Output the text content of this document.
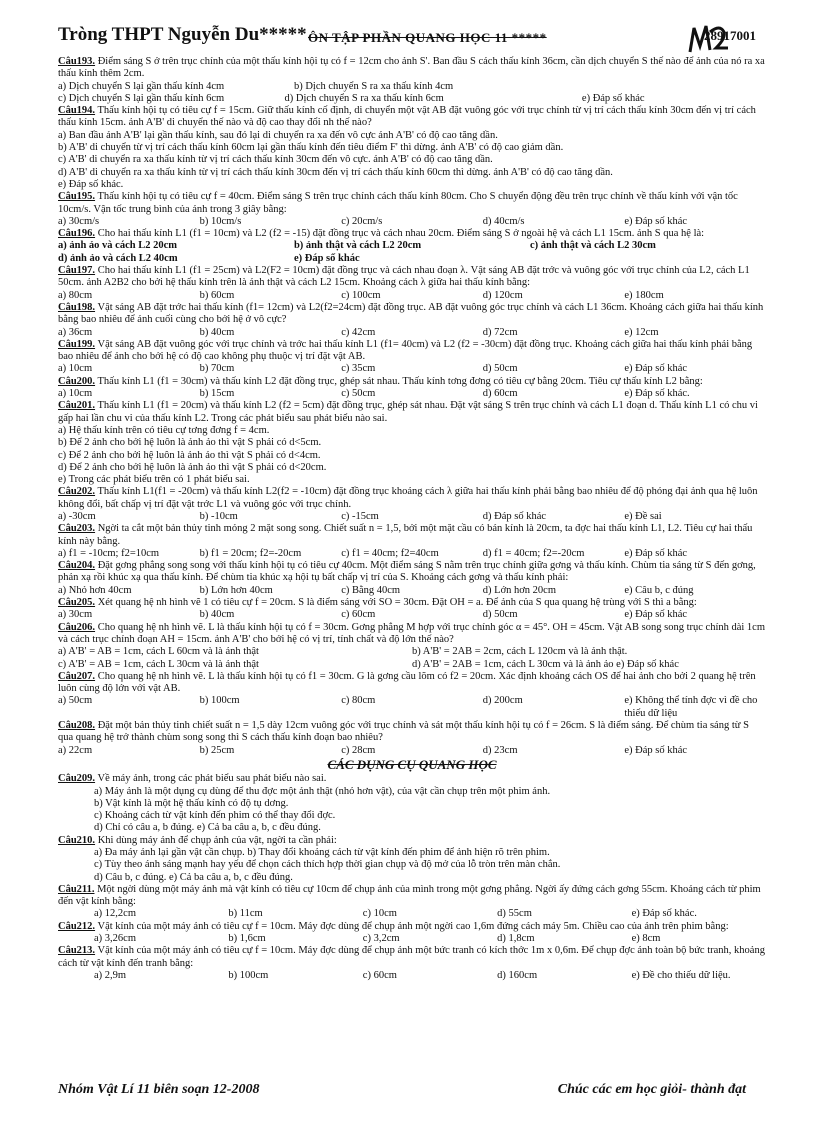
Tròng THPT Nguyễn Du***** ÔN TẬP PHẦN QUANG HỌC 11 *****	28917001

Câu193. Điểm sáng S ở trên trục chính của một thấu kính hội tụ có f = 12cm cho ảnh S'. Ban đầu S cách thấu kính 36cm, cần dịch chuyển S thế nào để ảnh của nó ra xa thấu kính thêm 2cm.

a) Dịch chuyển S lại gần thấu kính 4cm	b) Dịch chuyển S ra xa thấu kính 4cm
c) Dịch chuyển S lại gần thấu kính 6cm	d) Dịch chuyển S ra xa thấu kính 6cm	e) Đáp số khác

Câu194. Thấu kính hội tụ có tiêu cự f = 15cm. Giữ thấu kính cố định, di chuyển một vật AB đặt vuông góc với trục chính từ vị trí cách thấu kính 30cm đến vị trí cách thấu kính 15cm. ảnh A'B' di chuyển thế nào và độ cao thay đổi nh thế nào?

a) Ban đầu ảnh A'B' lại gần thấu kính, sau đó lại di chuyển ra xa đến vô cực ảnh A'B' có độ cao tăng dần.

b) A'B' di chuyển từ vị trí cách thấu kính 60cm lại gần thấu kính đến tiêu điểm F' thì dừng. ảnh A'B' có độ cao giảm dần.

c) A'B' di chuyển ra xa thấu kính từ vị trí cách thấu kính 30cm đến vô cực. ảnh A'B' có độ cao tăng dần.

d) A'B' di chuyển ra xa thấu kính từ vị trí cách thấu kính 30cm đến vị trí cách thấu kính 60cm thì dừng. ảnh A'B' có độ cao tăng dần.

e) Đáp số khác.

Câu195. Thấu kính hội tụ có tiêu cự f = 40cm. Điểm sáng S trên trục chính cách thấu kính 80cm. Cho S chuyển động đều trên trục chính về thấu kính với vận tốc 10cm/s. Vận tốc trung bình của ảnh trong 3 giây bằng:

a) 30cm/s	b) 10cm/s	c) 20cm/s	d) 40cm/s	e) Đáp số khác

Câu196. Cho hai thấu kính L1 (f1 = 10cm) và L2 (f2 = -15) đặt đồng trục và cách nhau 20cm. Điểm sáng S ở ngoài hệ và cách L1 15cm. ảnh S qua hệ là:

a) ảnh ảo và cách L2 20cm	b) ảnh thật và cách L2 20cm	c) ảnh thật và cách L2 30cm
d) ảnh ảo và cách L2 40cm	e) Đáp số khác

Câu197. Cho hai thấu kính L1 (f1 = 25cm) và L2(F2 = 10cm) đặt đồng trục và cách nhau đoạn λ. Vật sáng AB đặt trớc và vuông góc với trục chính của L2, cách L1 50cm. ảnh A2B2 cho bởi hệ thấu kính trên là ảnh thật và cách L2 15cm. Khoảng cách λ giữa hai thấu kính bằng:

a) 80cm	b) 60cm	c) 100cm	d) 120cm	e) 180cm

Câu198. Vật sáng AB đặt trớc hai thấu kính (f1= 12cm) và L2(f2=24cm) đặt đồng trục. AB đặt vuông góc trục chính và cách L1 36cm. Khoảng cách giữa hai thấu kính bằng bao nhiêu để ảnh cuối cùng cho bởi hệ ở vô cực?

a) 36cm	b) 40cm	c) 42cm	d) 72cm	e) 12cm

Câu199. Vật sáng AB đặt vuông góc với trục chính và trớc hai thấu kính L1 (f1= 40cm) và L2 (f2 = -30cm) đặt đồng trục. Khoảng cách giữa hai thấu kính phải bằng bao nhiêu để ảnh cho bởi hệ có độ cao không phụ thuộc vị trí đặt vật AB.

a) 10cm	b) 70cm	c) 35cm	d) 50cm	e) Đáp số khác

Câu200. Thấu kính L1 (f1 = 30cm) và thấu kính L2 đặt đồng trục, ghép sát nhau. Thấu kính tơng đơng có tiêu cự bằng 20cm. Tiêu cự thấu kính L2 bằng:

a) 10cm	b) 15cm	c) 50cm	d) 60cm	e) Đáp số khác.

Câu201. Thấu kính L1 (f1 = 20cm) và thấu kính L2 (f2 = 5cm) đặt đồng trục, ghép sát nhau. Đặt vật sáng S trên trục chính và cách L1 đoạn d. Thấu kính L1 có chu vi gấp hai lần chu vi của thấu kính L2. Trong các phát biểu sau phát biểu nào sai.

a) Hệ thấu kính trên có tiêu cự tơng đơng f = 4cm.

b) Để 2 ảnh cho bởi hệ luôn là ảnh ảo thì vật S phải có d<5cm.

c) Để 2 ảnh cho bởi hệ luôn là ảnh ảo thì vật S phải có d<4cm.

d) Để 2 ảnh cho bởi hệ luôn là ảnh ảo thì vật S phải có d<20cm.

e) Trong các phát biểu trên có 1 phát biểu sai.

Câu202. Thấu kính L1(f1 = -20cm) và thấu kính L2(f2 = -10cm) đặt đồng trục khoảng cách λ giữa hai thấu kính phải bằng bao nhiêu để độ phóng đại ảnh qua hệ luôn không đổi, bất chấp vị trí đặt vật trớc L1 và vuông góc với trục chính.

a) -30cm	b) -10cm	c) -15cm	d) Đáp số khác	e) Đề sai

Câu203. Ngời ta cắt một bản thủy tinh mỏng 2 mặt song song. Chiết suất n = 1,5, bởi một mặt cầu có bán kính là 20cm, ta đợc hai thấu kính L1, L2. Tiêu cự hai thấu kính này bằng.

a) f1 = -10cm; f2=10cm	b) f1 = 20cm; f2=-20cm	c) f1 = 40cm; f2=40cm	d) f1 = 40cm; f2=-20cm	e) Đáp số khác

Câu204. Đặt gơng phẳng song song với thấu kính hội tụ có tiêu cự 40cm. Một điểm sáng S nằm trên trục chính giữa gơng và thấu kính. Chùm tia sáng từ S đến gơng, phản xạ rồi khúc xạ qua thấu kính. Để chùm tia khúc xạ hội tụ bất chấp vị trí của S. Khoảng cách gơng và thấu kính phải:

a) Nhỏ hơn 40cm	b) Lớn hơn 40cm	c) Bằng 40cm	d) Lớn hơn 20cm	e) Câu b, c đúng

Câu205. Xét quang hệ nh hình vẽ 1 có tiêu cự f = 20cm. S là điểm sáng với SO = 30cm. Đặt OH = a. Để ảnh của S qua quang hệ trùng với S thì a bằng:

a) 30cm	b) 40cm	c) 60cm	d) 50cm	e) Đáp số khác

Câu206. Cho quang hệ nh hình vẽ. L là thấu kính hội tụ có f = 30cm. Gơng phẳng M hợp với trục chính góc α = 45°. OH = 45cm. Vật AB song song trục chính dài 1cm và cách trục chính đoạn AH = 15cm. ảnh A'B' cho bởi hệ có vị trí, tính chất và độ lớn thế nào?

a) A'B' = AB = 1cm, cách L 60cm và là ảnh thật	b) A'B' = 2AB = 2cm, cách L 120cm và là ảnh thật.
c) A'B' = AB = 1cm, cách L 30cm và là ảnh thật	d) A'B' = 2AB = 1cm, cách L 30cm và là ảnh ảo e) Đáp số khác

Câu207. Cho quang hệ nh hình vẽ. L là thấu kính hội tụ có f1 = 30cm. G là gơng cầu lõm có f2 = 20cm. Xác định khoảng cách OS để hai ảnh cho bởi 2 quang hệ trên luôn cùng độ lớn với vật AB.

a) 50cm	b) 100cm	c) 80cm	d) 200cm	e) Không thể tính đợc vì đề cho thiếu dữ liệu

Câu208. Đặt một bản thủy tinh chiết suất n = 1,5 dày 12cm vuông góc với trục chính và sát một thấu kính hội tụ có f = 26cm. S là điểm sáng. Để chùm tia sáng từ S qua quang hệ trở thành chùm song song thì S cách thấu kính đoạn bao nhiêu?

a) 22cm	b) 25cm	c) 28cm	d) 23cm	e) Đáp số khác
CÁC DỤNG CỤ QUANG HỌC

Câu209. Về máy ảnh, trong các phát biểu sau phát biểu nào sai.

a) Máy ảnh là một dụng cụ dùng để thu đợc một ảnh thật (nhỏ hơn vật), của vật cần chụp trên một phim ảnh.

b) Vật kính là một hệ thấu kính có độ tụ dơng.

c) Khoảng cách từ vật kính đến phim có thể thay đổi đợc.

d) Chỉ có câu a, b đúng. e) Cả ba câu a, b, c đều đúng.

Câu210. Khi dùng máy ảnh để chụp ảnh của vật, ngời ta cần phải:

a) Đa máy ảnh lại gần vật cần chụp. b) Thay đổi khoảng cách từ vật kính đến phim để ảnh hiện rõ trên phim.

c) Tùy theo ánh sáng mạnh hay yếu để chọn cách thích hợp thời gian chụp và độ mở của lỗ tròn trên màn chắn.

d) Câu b, c đúng. e) Cả ba câu a, b, c đều đúng.

Câu211. Một ngời dùng một máy ảnh mà vật kính có tiêu cự 10cm để chụp ảnh của mình trong một gơng phẳng. Ngời ấy đứng cách gơng 55cm. Khoảng cách từ phim đến vật kính bằng:

a) 12,2cm	b) 11cm	c) 10cm	d) 55cm	e) Đáp số khác.

Câu212. Vật kính của một máy ảnh có tiêu cự f = 10cm. Máy đợc dùng để chụp ảnh một ngời cao 1,6m đứng cách máy 5m. Chiều cao của ảnh trên phim bằng:

a) 3,26cm	b) 1,6cm	c) 3,2cm	d) 1,8cm	e) 8cm

Câu213. Vật kính của một máy ảnh có tiêu cự f = 10cm. Máy đợc dùng để chụp ảnh một bức tranh có kích thớc 1m x 0,6m. Để chụp đợc ảnh toàn bộ bức tranh, khoảng cách từ vật kính đến tranh bằng:

a) 2,9m	b) 100cm	c) 60cm	d) 160cm	e) Đề cho thiếu dữ liệu.
Nhóm Vật Lí 11 biên soạn 12-2008	Chúc các em học giỏi- thành đạt
